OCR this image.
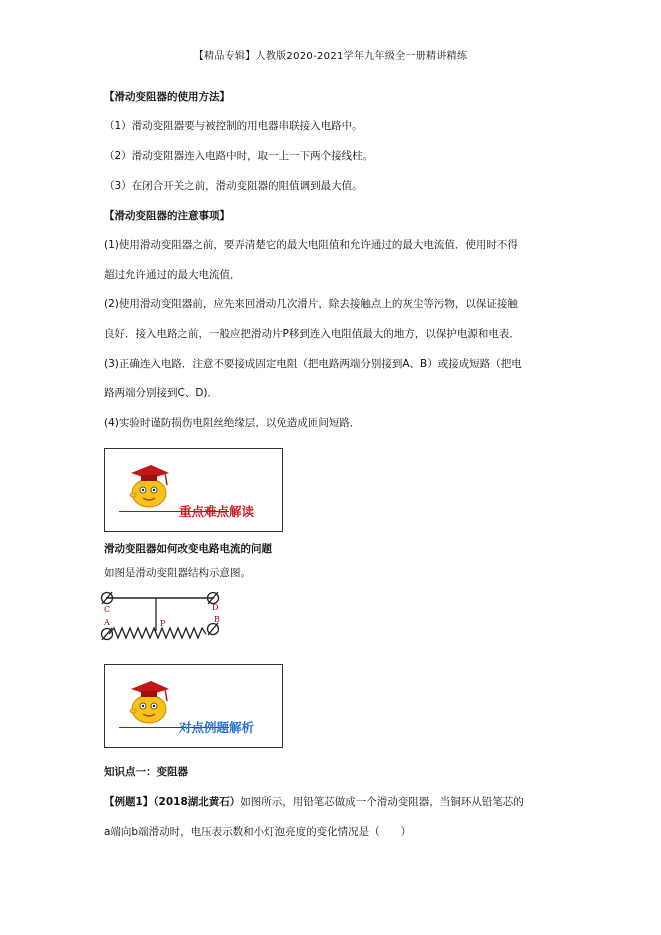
【精品专辑】人教版2020-2021学年九年级全一册精讲精练
【滑动变阻器的使用方法】
（1）滑动变阻器要与被控制的用电器串联接入电路中。
（2）滑动变阻器连入电路中时，取一上一下两个接线柱。
（3）在闭合开关之前，滑动变阻器的阻值调到最大值。
【滑动变阻器的注意事项】
(1)使用滑动变阻器之前，要弄清楚它的最大电阻值和允许通过的最大电流值．使用时不得
超过允许通过的最大电流值．
(2)使用滑动变阻器前，应先来回滑动几次滑片，除去接触点上的灰尘等污物，以保证接触
良好．接入电路之前，一般应把滑动片P移到连入电阻值最大的地方，以保护电源和电表．
(3)正确连入电路．注意不要接成固定电阻（把电路两端分别接到A、B）或接成短路（把电
路两端分别接到C、D)．
(4)实验时谨防损伤电阻丝绝缘层，以免造成匝间短路．
重点难点解读
滑动变阻器如何改变电路电流的问题
如图是滑动变阻器结构示意图。
C	D
A	B
P
对点例题解析
知识点一：变阻器
【例题1】（2018湖北黄石）如图所示，用铅笔芯做成一个滑动变阻器，当铜环从铅笔芯的
a端向b端滑动时，电压表示数和小灯泡亮度的变化情况是（　　）
